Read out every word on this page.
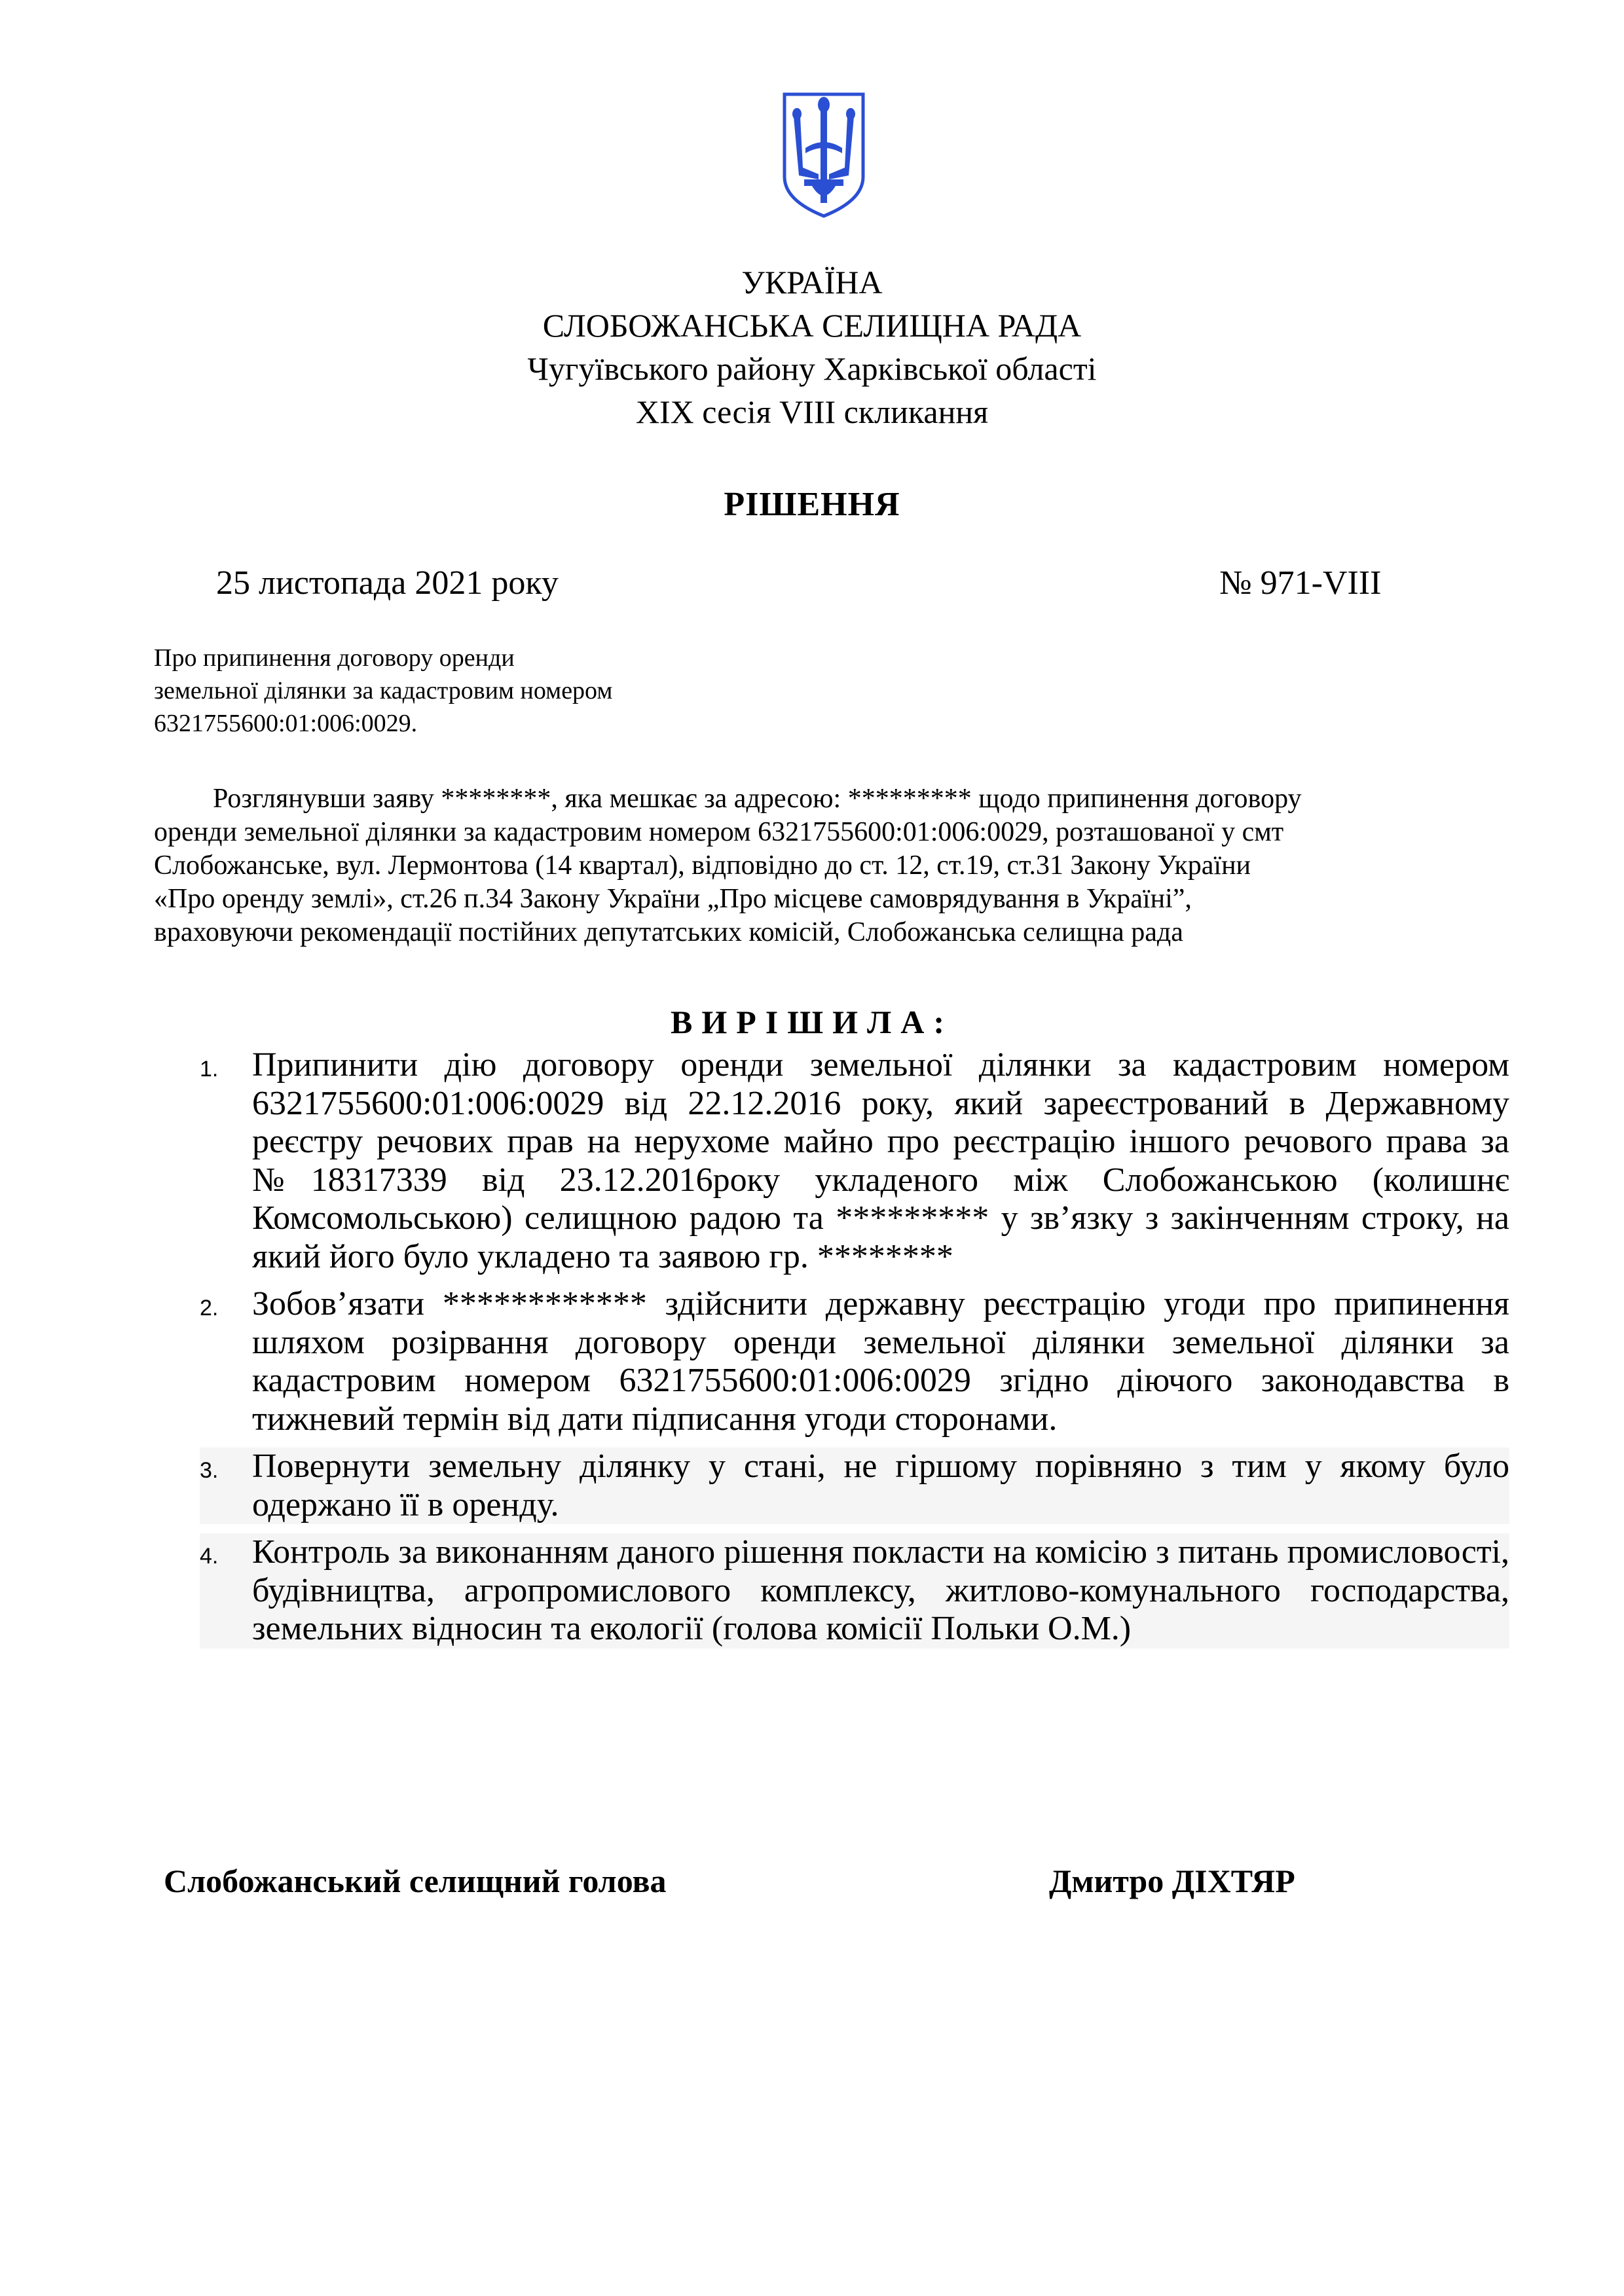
УКРАЇНА
СЛОБОЖАНСЬКА СЕЛИЩНА РАДА
Чугуївського району Харківської області
XIX сесія VIII скликання
РІШЕННЯ
25 листопада 2021 року	№ 971-VIII
Про припинення договору оренди
земельної ділянки за кадастровим номером
6321755600:01:006:0029.
Розглянувши заяву ********, яка мешкає за адресою: ********* щодо припинення договору
оренди земельної ділянки за кадастровим номером 6321755600:01:006:0029, розташованої у смт
Слобожанське, вул. Лермонтова (14 квартал), відповідно до ст. 12, ст.19, ст.31 Закону України
«Про оренду землі», ст.26 п.34 Закону України „Про місцеве самоврядування в Україні”,
враховуючи рекомендації постійних депутатських комісій, Слобожанська селищна рада
ВИРІШИЛА:
1. Припинити дію договору оренди земельної ділянки за кадастровим номером 6321755600:01:006:0029 від 22.12.2016 року, який зареєстрований в Державному реєстру речових прав на нерухоме майно про реєстрацію іншого речового права за №18317339 від 23.12.2016року укладеного між Слобожанською (колишнє Комсомольською) селищною радою та ********* у зв’язку з закінченням строку, на який його було укладено та заявою гр. ********
2. Зобов’язати ************ здійснити державну реєстрацію угоди про припинення шляхом розірвання договору оренди земельної ділянки земельної ділянки за кадастровим номером 6321755600:01:006:0029 згідно діючого законодавства в тижневий термін від дати підписання угоди сторонами.
3. Повернути земельну ділянку у стані, не гіршому порівняно з тим у якому було одержано її в оренду.
4. Контроль за виконанням даного рішення покласти на комісію з питань промисловості, будівництва, агропромислового комплексу, житлово-комунального господарства, земельних відносин та екології (голова комісії Польки О.М.)
Слобожанський селищний голова	Дмитро ДІХТЯР
